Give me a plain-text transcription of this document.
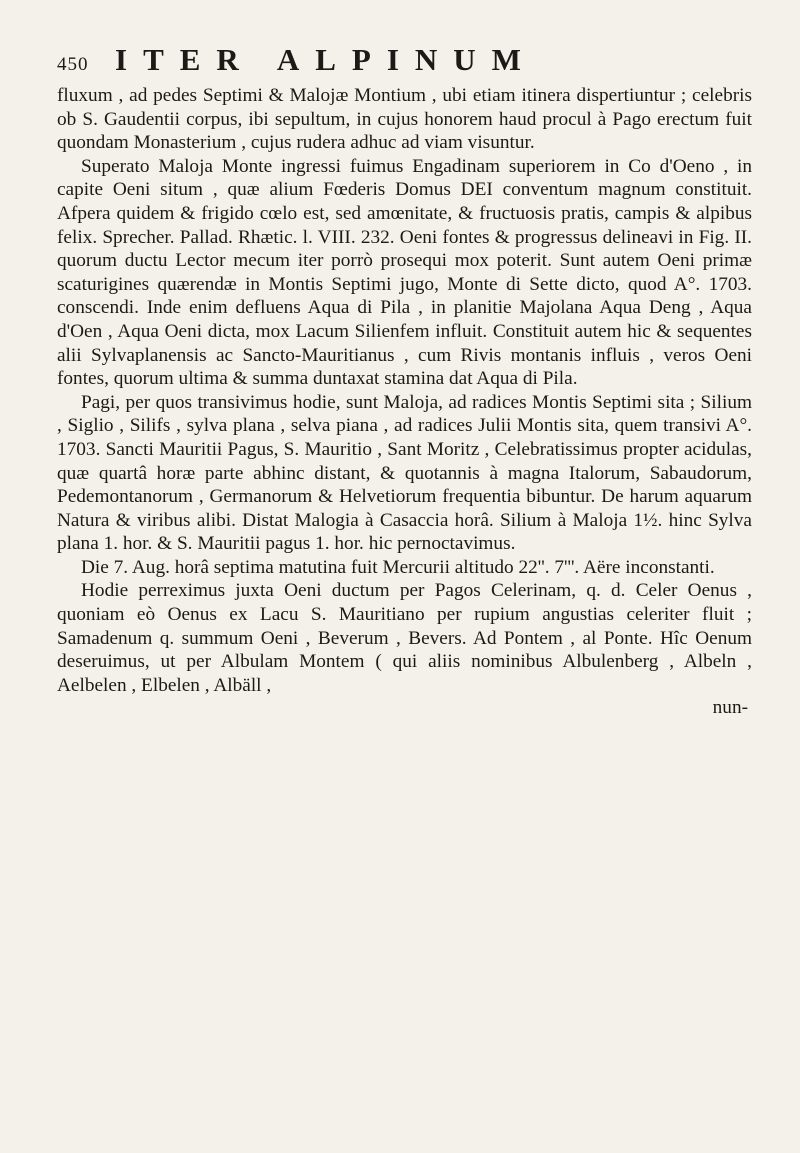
450 ITER ALPINUM

fluxum , ad pedes Septimi & Malojæ Montium , ubi etiam itinera dispertiuntur ; celebris ob S. Gaudentii corpus, ibi sepultum, in cujus honorem haud procul à Pago erectum fuit quondam Monasterium , cujus rudera adhuc ad viam visuntur.

Superato Maloja Monte ingressi fuimus Engadinam superiorem in Co d'Oeno , in capite Oeni situm , quæ alium Fœderis Domus DEI conventum magnum constituit. Afpera quidem & frigido cœlo est, sed amœnitate, & fructuosis pratis, campis & alpibus felix. Sprecher. Pallad. Rhætic. l. VIII. 232. Oeni fontes & progressus delineavi in Fig. II. quorum ductu Lector mecum iter porrò prosequi mox poterit. Sunt autem Oeni primæ scaturigines quærendæ in Montis Septimi jugo, Monte di Sette dicto, quod A°. 1703. conscendi. Inde enim defluens Aqua di Pila , in planitie Majolana Aqua Deng , Aqua d'Oen , Aqua Oeni dicta, mox Lacum Silienfem influit. Constituit autem hic & sequentes alii Sylvaplanensis ac Sancto-Mauritianus , cum Rivis montanis influis , veros Oeni fontes, quorum ultima & summa duntaxat stamina dat Aqua di Pila.

Pagi, per quos transivimus hodie, sunt Maloja, ad radices Montis Septimi sita ; Silium , Siglio , Silifs , sylva plana , selva piana , ad radices Julii Montis sita, quem transivi A°. 1703. Sancti Mauritii Pagus, S. Mauritio , Sant Moritz , Celebratissimus propter acidulas, quæ quartâ horæ parte abhinc distant, & quotannis à magna Italorum, Sabaudorum, Pedemontanorum , Germanorum & Helvetiorum frequentia bibuntur. De harum aquarum Natura & viribus alibi. Distat Malogia à Casaccia horâ. Silium à Maloja 1½. hinc Sylva plana 1. hor. & S. Mauritii pagus 1. hor. hic pernoctavimus.

Die 7. Aug. horâ septima matutina fuit Mercurii altitudo 22''. 7'''. Aëre inconstanti.

Hodie perreximus juxta Oeni ductum per Pagos Celerinam, q. d. Celer Oenus , quoniam eò Oenus ex Lacu S. Mauritiano per rupium angustias celeriter fluit ; Samadenum q. summum Oeni , Beverum , Bevers. Ad Pontem , al Ponte. Hîc Oenum deseruimus, ut per Albulam Montem ( qui aliis nominibus Albulenberg , Albeln , Aelbelen , Elbelen , Albäll ,

nun-
